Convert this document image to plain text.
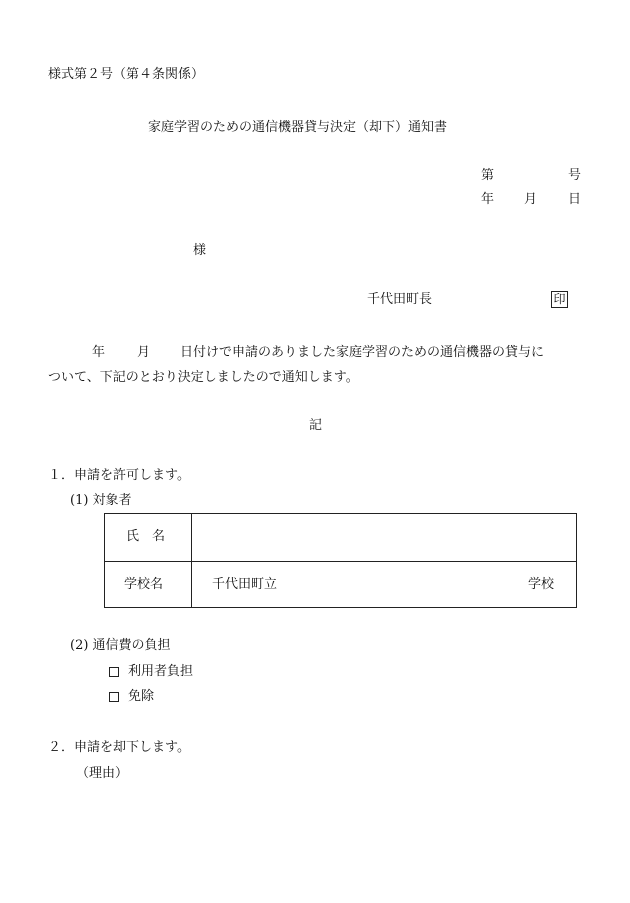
様式第２号（第４条関係）
家庭学習のための通信機器貸与決定（却下）通知書
第	号
年 月 日
様
千代田町長	印
年 月 日付けで申請のありました家庭学習のための通信機器の貸与に
ついて、下記のとおり決定しましたので通知します。
記
１．申請を許可します。
(1) 対象者
氏　名
学校名	千代田町立	学校
(2) 通信費の負担
利用者負担
免除
２．申請を却下します。
（理由）
